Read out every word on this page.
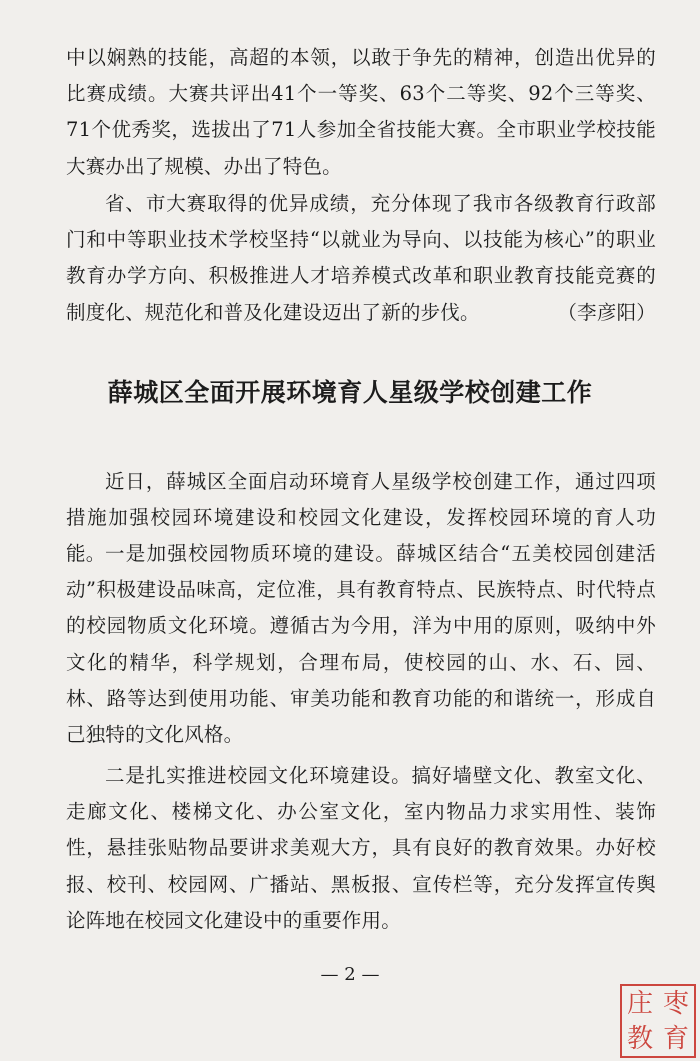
中以娴熟的技能，高超的本领，以敢于争先的精神，创造出优异的比赛成绩。大赛共评出41个一等奖、63个二等奖、92个三等奖、71个优秀奖，选拔出了71人参加全省技能大赛。全市职业学校技能大赛办出了规模、办出了特色。

省、市大赛取得的优异成绩，充分体现了我市各级教育行政部门和中等职业技术学校坚持“以就业为导向、以技能为核心”的职业教育办学方向、积极推进人才培养模式改革和职业教育技能竞赛的制度化、规范化和普及化建设迈出了新的步伐。	（李彦阳）

薛城区全面开展环境育人星级学校创建工作

近日，薛城区全面启动环境育人星级学校创建工作，通过四项措施加强校园环境建设和校园文化建设，发挥校园环境的育人功能。 一是加强校园物质环境的建设。薛城区结合“五美校园创建活动”积极建设品味高，定位准，具有教育特点、民族特点、时代特点的校园物质文化环境。遵循古为今用，洋为中用的原则，吸纳中外文化的精华，科学规划，合理布局，使校园的山、水、石、园、林、路等达到使用功能、审美功能和教育功能的和谐统一，形成自己独特的文化风格。

二是扎实推进校园文化环境建设。搞好墙壁文化、教室文化、走廊文化、楼梯文化、办公室文化，室内物品力求实用性、装饰性，悬挂张贴物品要讲求美观大方，具有良好的教育效果。办好校报、校刊、校园网、广播站、黑板报、宣传栏等，充分发挥宣传舆论阵地在校园文化建设中的重要作用。

— 2 —

庄 枣
教 育
